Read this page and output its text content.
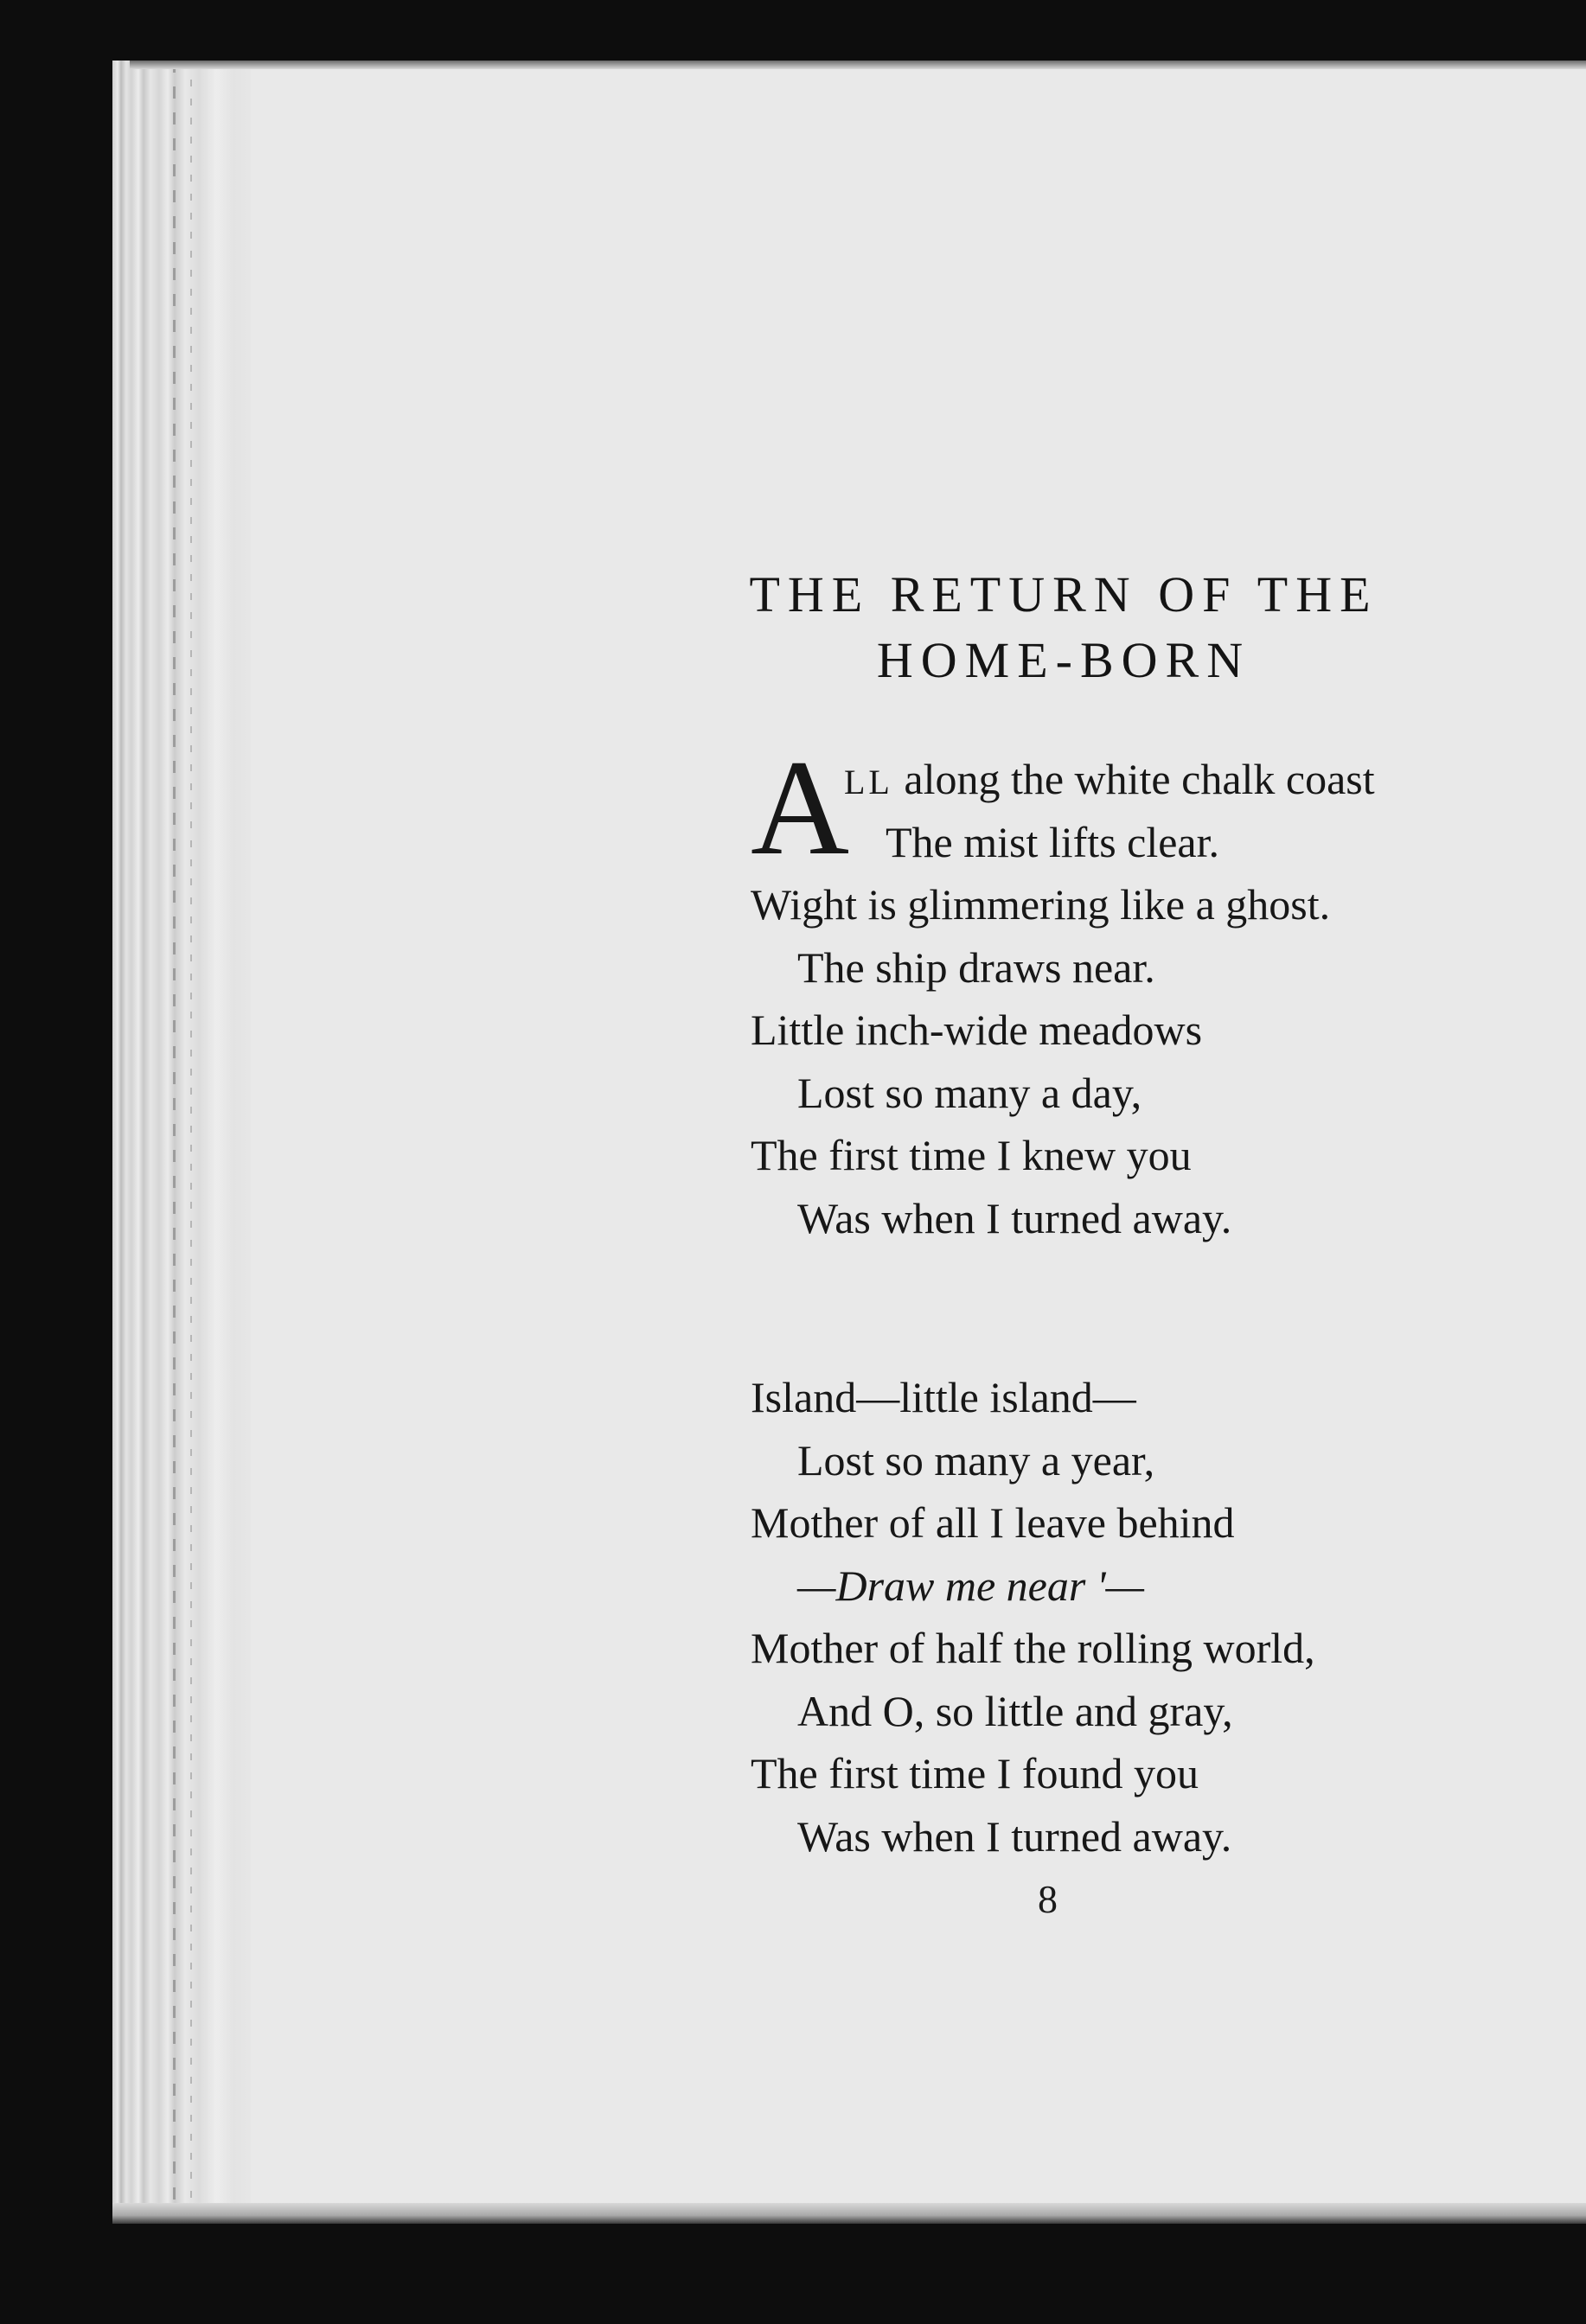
THE RETURN OF THE
HOME-BORN
A
LL along the white chalk coast
The mist lifts clear.
Wight is glimmering like a ghost.
The ship draws near.
Little inch-wide meadows
Lost so many a day,
The first time I knew you
Was when I turned away.
Island—little island—
Lost so many a year,
Mother of all I leave behind
—Draw me near '—
Mother of half the rolling world,
And O, so little and gray,
The first time I found you
Was when I turned away.
8
